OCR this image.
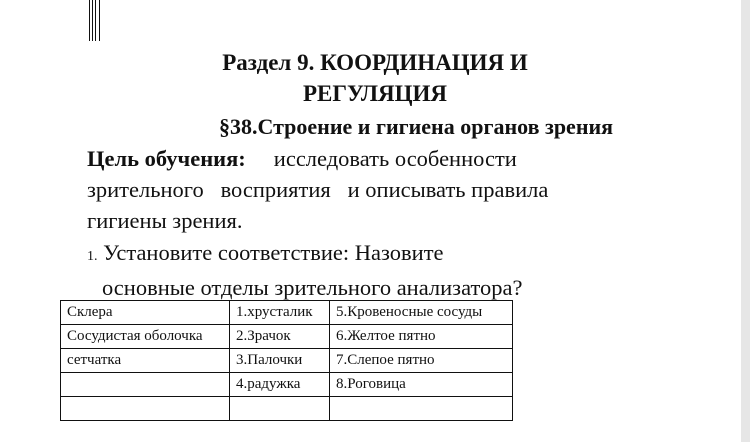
Раздел 9. КООРДИНАЦИЯ И
РЕГУЛЯЦИЯ
§38.Строение и гигиена органов зрения

Цель обучения: исследовать особенности
зрительного   восприятия   и описывать правила
гигиены зрения.

1. Установите соответствие: Назовите
основные отделы зрительного анализатора?

Склера	1.хрусталик	5.Кровеносные сосуды
Сосудистая оболочка	2.Зрачок	6.Желтое пятно
сетчатка	3.Палочки	7.Слепое пятно
	4.радужка	8.Роговица
